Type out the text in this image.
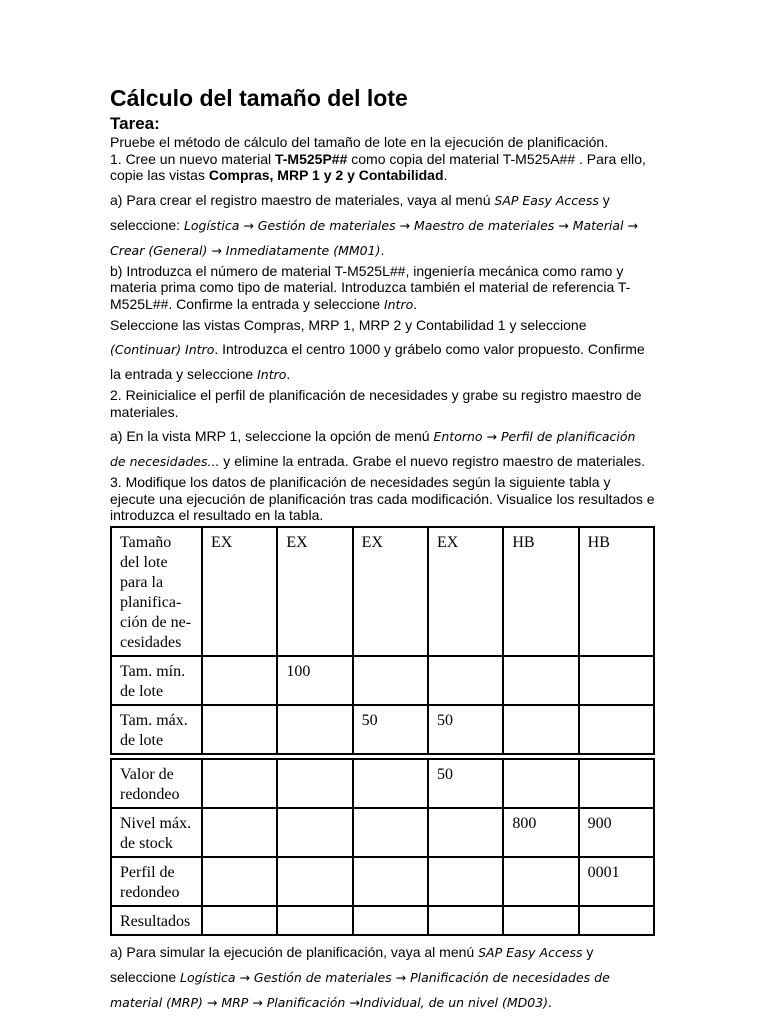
Cálculo del tamaño del lote
Tarea:

Pruebe el método de cálculo del tamaño de lote en la ejecución de planificación.

1. Cree un nuevo material T-M525P## como copia del material T-M525A## . Para ello, copie las vistas Compras, MRP 1 y 2 y Contabilidad.

a) Para crear el registro maestro de materiales, vaya al menú SAP Easy Access y seleccione: Logística → Gestión de materiales → Maestro de materiales → Material → Crear (General) → Inmediatamente (MM01).

b) Introduzca el número de material T-M525L##, ingeniería mecánica como ramo y materia prima como tipo de material. Introduzca también el material de referencia T-M525L##. Confirme la entrada y seleccione Intro.

Seleccione las vistas Compras, MRP 1, MRP 2 y Contabilidad 1 y seleccione (Continuar) Intro. Introduzca el centro 1000 y grábelo como valor propuesto. Confirme la entrada y seleccione Intro.

2. Reinicialice el perfil de planificación de necesidades y grabe su registro maestro de materiales.

a) En la vista MRP 1, seleccione la opción de menú Entorno → Perfil de planificación de necesidades... y elimine la entrada. Grabe el nuevo registro maestro de materiales.

3. Modifique los datos de planificación de necesidades según la siguiente tabla y ejecute una ejecución de planificación tras cada modificación. Visualice los resultados e introduzca el resultado en la tabla.

Tamaño del lote para la planifica-ción de ne-cesidades	EX	EX	EX	EX	HB	HB
Tam. mín. de lote		100				
Tam. máx. de lote			50	50		
Valor de redondeo				50		
Nivel máx. de stock					800	900
Perfil de redondeo						0001
Resultados						

a) Para simular la ejecución de planificación, vaya al menú SAP Easy Access y seleccione Logística → Gestión de materiales → Planificación de necesidades de material (MRP) → MRP → Planificación →Individual, de un nivel (MD03).
